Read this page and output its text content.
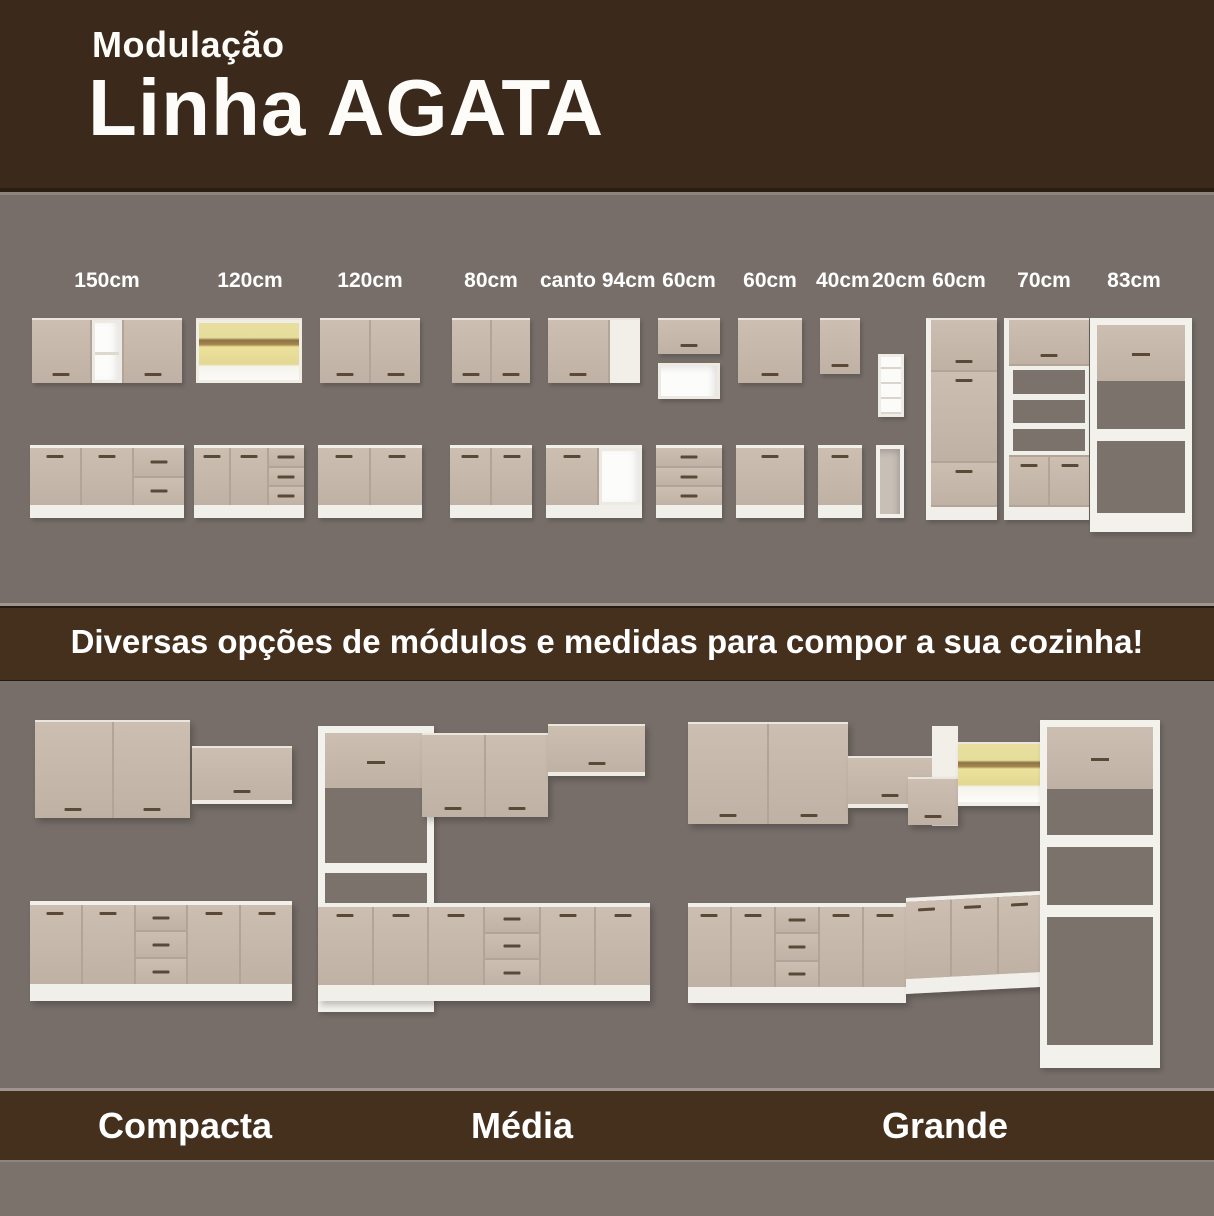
Modulação
Linha AGATA
150cm	120cm	120cm	80cm	canto 94cm 60cm 60cm 40cm 20cm 60cm	70cm	83cm
Diversas opções de módulos e medidas para compor a sua cozinha!
Compacta	Média	Grande
